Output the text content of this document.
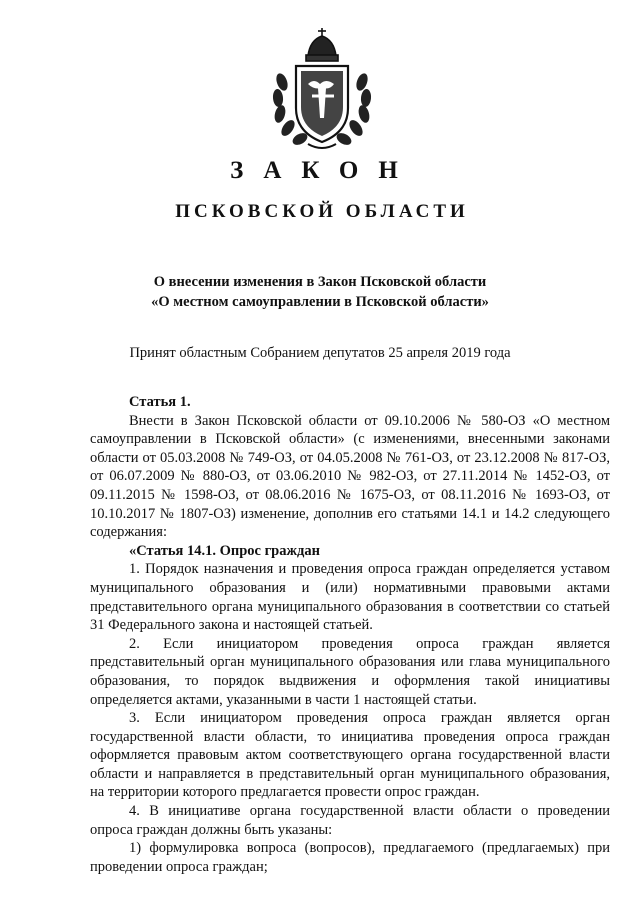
ЗАКОН
ПСКОВСКОЙ ОБЛАСТИ
О внесении изменения в Закон Псковской области
«О местном самоуправлении в Псковской области»
Принят областным Собранием депутатов 25 апреля 2019 года

Статья 1.

Внести в Закон Псковской области от 09.10.2006 № 580-ОЗ «О местном самоуправлении в Псковской области» (с изменениями, внесенными законами области от 05.03.2008 № 749-ОЗ, от 04.05.2008 № 761-ОЗ, от 23.12.2008 № 817-ОЗ, от 06.07.2009 № 880-ОЗ, от 03.06.2010 № 982-ОЗ, от 27.11.2014 № 1452-ОЗ, от 09.11.2015 № 1598-ОЗ, от 08.06.2016 № 1675-ОЗ, от 08.11.2016 № 1693-ОЗ, от 10.10.2017 № 1807-ОЗ) изменение, дополнив его статьями 14.1 и 14.2 следующего содержания:

«Статья 14.1. Опрос граждан

1. Порядок назначения и проведения опроса граждан определяется уставом муниципального образования и (или) нормативными правовыми актами представительного органа муниципального образования в соответствии со статьей 31 Федерального закона и настоящей статьей.

2. Если инициатором проведения опроса граждан является представительный орган муниципального образования или глава муниципального образования, то порядок выдвижения и оформления такой инициативы определяется актами, указанными в части 1 настоящей статьи.

3. Если инициатором проведения опроса граждан является орган государственной власти области, то инициатива проведения опроса граждан оформляется правовым актом соответствующего органа государственной власти области и направляется в представительный орган муниципального образования, на территории которого предлагается провести опрос граждан.

4. В инициативе органа государственной власти области о проведении опроса граждан должны быть указаны:

1) формулировка вопроса (вопросов), предлагаемого (предлагаемых) при проведении опроса граждан;
